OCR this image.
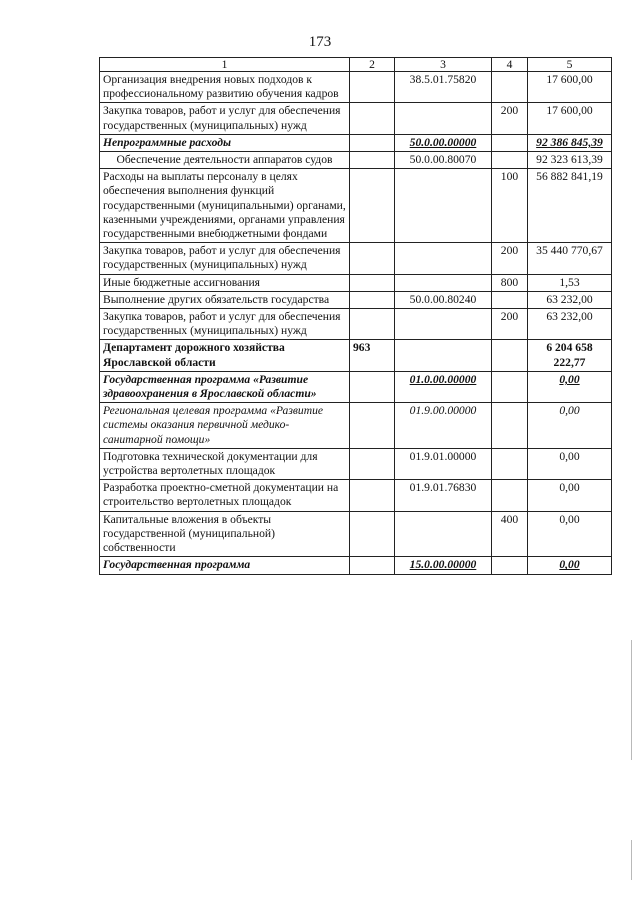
173
1	2	3	4	5
Организация внедрения новых подходов к профессиональному развитию обучения кадров		38.5.01.75820		17 600,00
Закупка товаров, работ и услуг для обеспечения государственных (муниципальных) нужд			200	17 600,00
Непрограммные расходы		50.0.00.00000		92 386 845,39
Обеспечение деятельности аппаратов судов		50.0.00.80070		92 323 613,39
Расходы на выплаты персоналу в целях обеспечения выполнения функций государственными (муниципальными) органами, казенными учреждениями, органами управления государственными внебюджетными фондами			100	56 882 841,19
Закупка товаров, работ и услуг для обеспечения государственных (муниципальных) нужд			200	35 440 770,67
Иные бюджетные ассигнования			800	1,53
Выполнение других обязательств государства		50.0.00.80240		63 232,00
Закупка товаров, работ и услуг для обеспечения государственных (муниципальных) нужд			200	63 232,00
Департамент дорожного хозяйства Ярославской области	963			6 204 658 222,77
Государственная программа «Развитие здравоохранения в Ярославской области»		01.0.00.00000		0,00
Региональная целевая программа «Развитие системы оказания первичной медико-санитарной помощи»		01.9.00.00000		0,00
Подготовка технической документации для устройства вертолетных площадок		01.9.01.00000		0,00
Разработка проектно-сметной документации на строительство вертолетных площадок		01.9.01.76830		0,00
Капитальные вложения в объекты государственной (муниципальной) собственности			400	0,00
Государственная программа		15.0.00.00000		0,00
